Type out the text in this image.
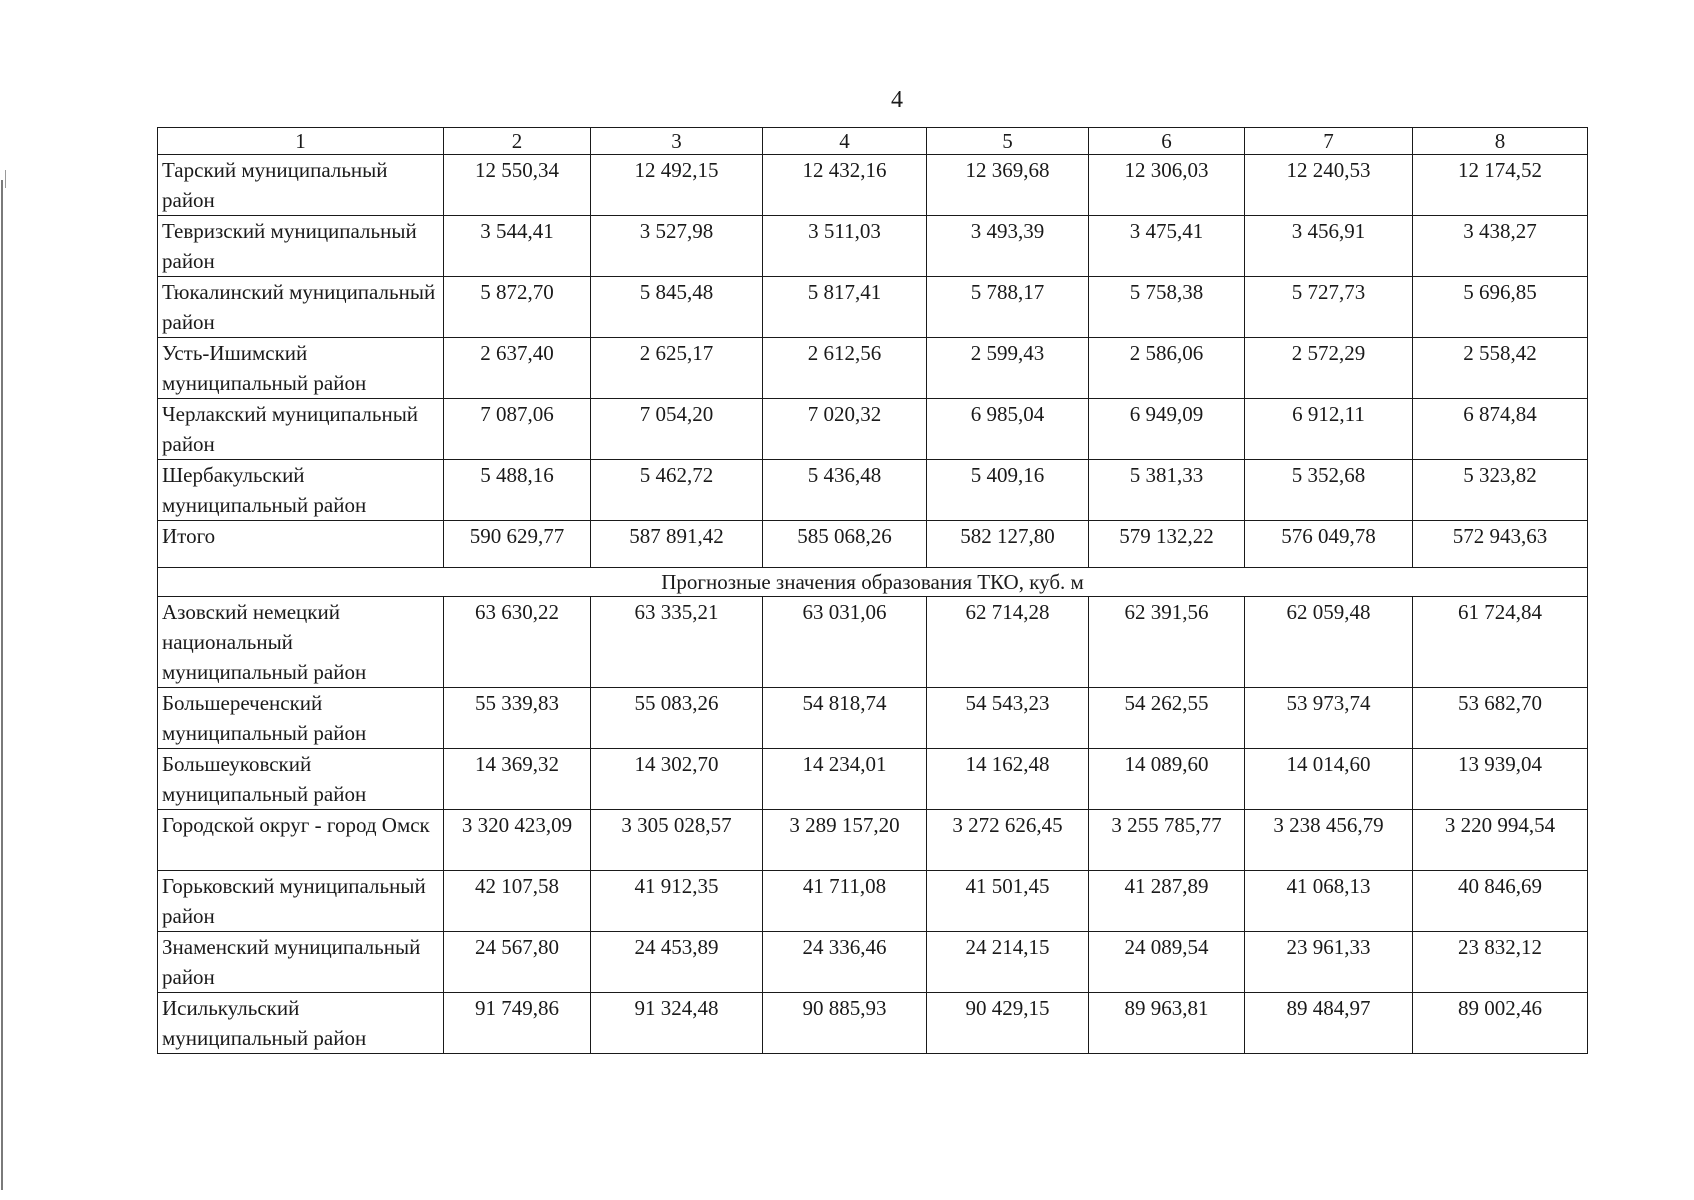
4
1	2	3	4	5	6	7	8
Тарский муниципальный район	12 550,34	12 492,15	12 432,16	12 369,68	12 306,03	12 240,53	12 174,52
Тевризский муниципальный район	3 544,41	3 527,98	3 511,03	3 493,39	3 475,41	3 456,91	3 438,27
Тюкалинский муниципальный район	5 872,70	5 845,48	5 817,41	5 788,17	5 758,38	5 727,73	5 696,85
Усть-Ишимский муниципальный район	2 637,40	2 625,17	2 612,56	2 599,43	2 586,06	2 572,29	2 558,42
Черлакский муниципальный район	7 087,06	7 054,20	7 020,32	6 985,04	6 949,09	6 912,11	6 874,84
Шербакульский муниципальный район	5 488,16	5 462,72	5 436,48	5 409,16	5 381,33	5 352,68	5 323,82
Итого	590 629,77	587 891,42	585 068,26	582 127,80	579 132,22	576 049,78	572 943,63
Прогнозные значения образования ТКО, куб. м							
Азовский немецкий национальный муниципальный район	63 630,22	63 335,21	63 031,06	62 714,28	62 391,56	62 059,48	61 724,84
Большереченский муниципальный район	55 339,83	55 083,26	54 818,74	54 543,23	54 262,55	53 973,74	53 682,70
Большеуковский муниципальный район	14 369,32	14 302,70	14 234,01	14 162,48	14 089,60	14 014,60	13 939,04
Городской округ - город Омск	3 320 423,09	3 305 028,57	3 289 157,20	3 272 626,45	3 255 785,77	3 238 456,79	3 220 994,54
Горьковский муниципальный район	42 107,58	41 912,35	41 711,08	41 501,45	41 287,89	41 068,13	40 846,69
Знаменский муниципальный район	24 567,80	24 453,89	24 336,46	24 214,15	24 089,54	23 961,33	23 832,12
Исилькульский муниципальный район	91 749,86	91 324,48	90 885,93	90 429,15	89 963,81	89 484,97	89 002,46
